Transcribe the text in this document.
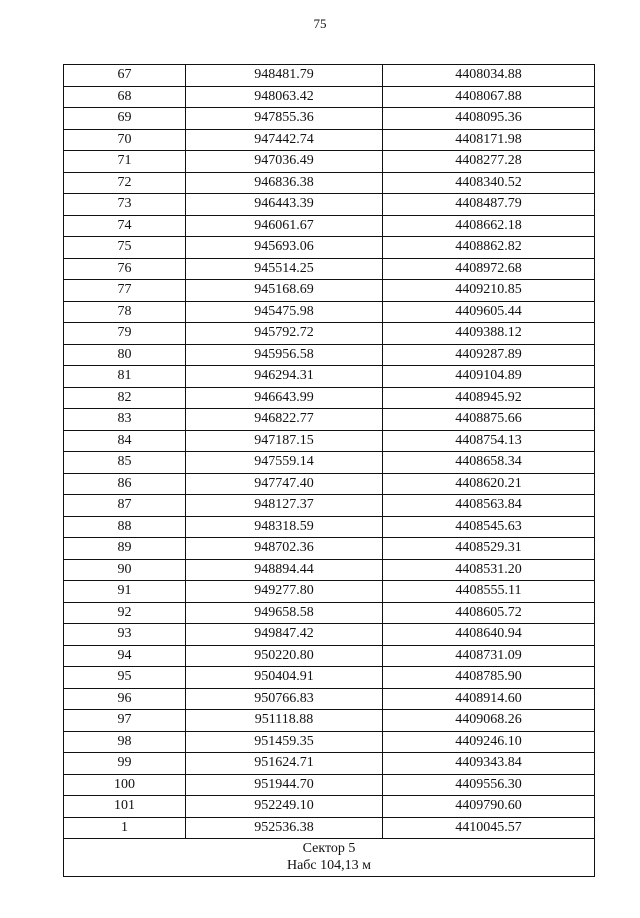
75
67	948481.79	4408034.88
68	948063.42	4408067.88
69	947855.36	4408095.36
70	947442.74	4408171.98
71	947036.49	4408277.28
72	946836.38	4408340.52
73	946443.39	4408487.79
74	946061.67	4408662.18
75	945693.06	4408862.82
76	945514.25	4408972.68
77	945168.69	4409210.85
78	945475.98	4409605.44
79	945792.72	4409388.12
80	945956.58	4409287.89
81	946294.31	4409104.89
82	946643.99	4408945.92
83	946822.77	4408875.66
84	947187.15	4408754.13
85	947559.14	4408658.34
86	947747.40	4408620.21
87	948127.37	4408563.84
88	948318.59	4408545.63
89	948702.36	4408529.31
90	948894.44	4408531.20
91	949277.80	4408555.11
92	949658.58	4408605.72
93	949847.42	4408640.94
94	950220.80	4408731.09
95	950404.91	4408785.90
96	950766.83	4408914.60
97	951118.88	4409068.26
98	951459.35	4409246.10
99	951624.71	4409343.84
100	951944.70	4409556.30
101	952249.10	4409790.60
1	952536.38	4410045.57

Сектор 5
Набс 104,13 м		
